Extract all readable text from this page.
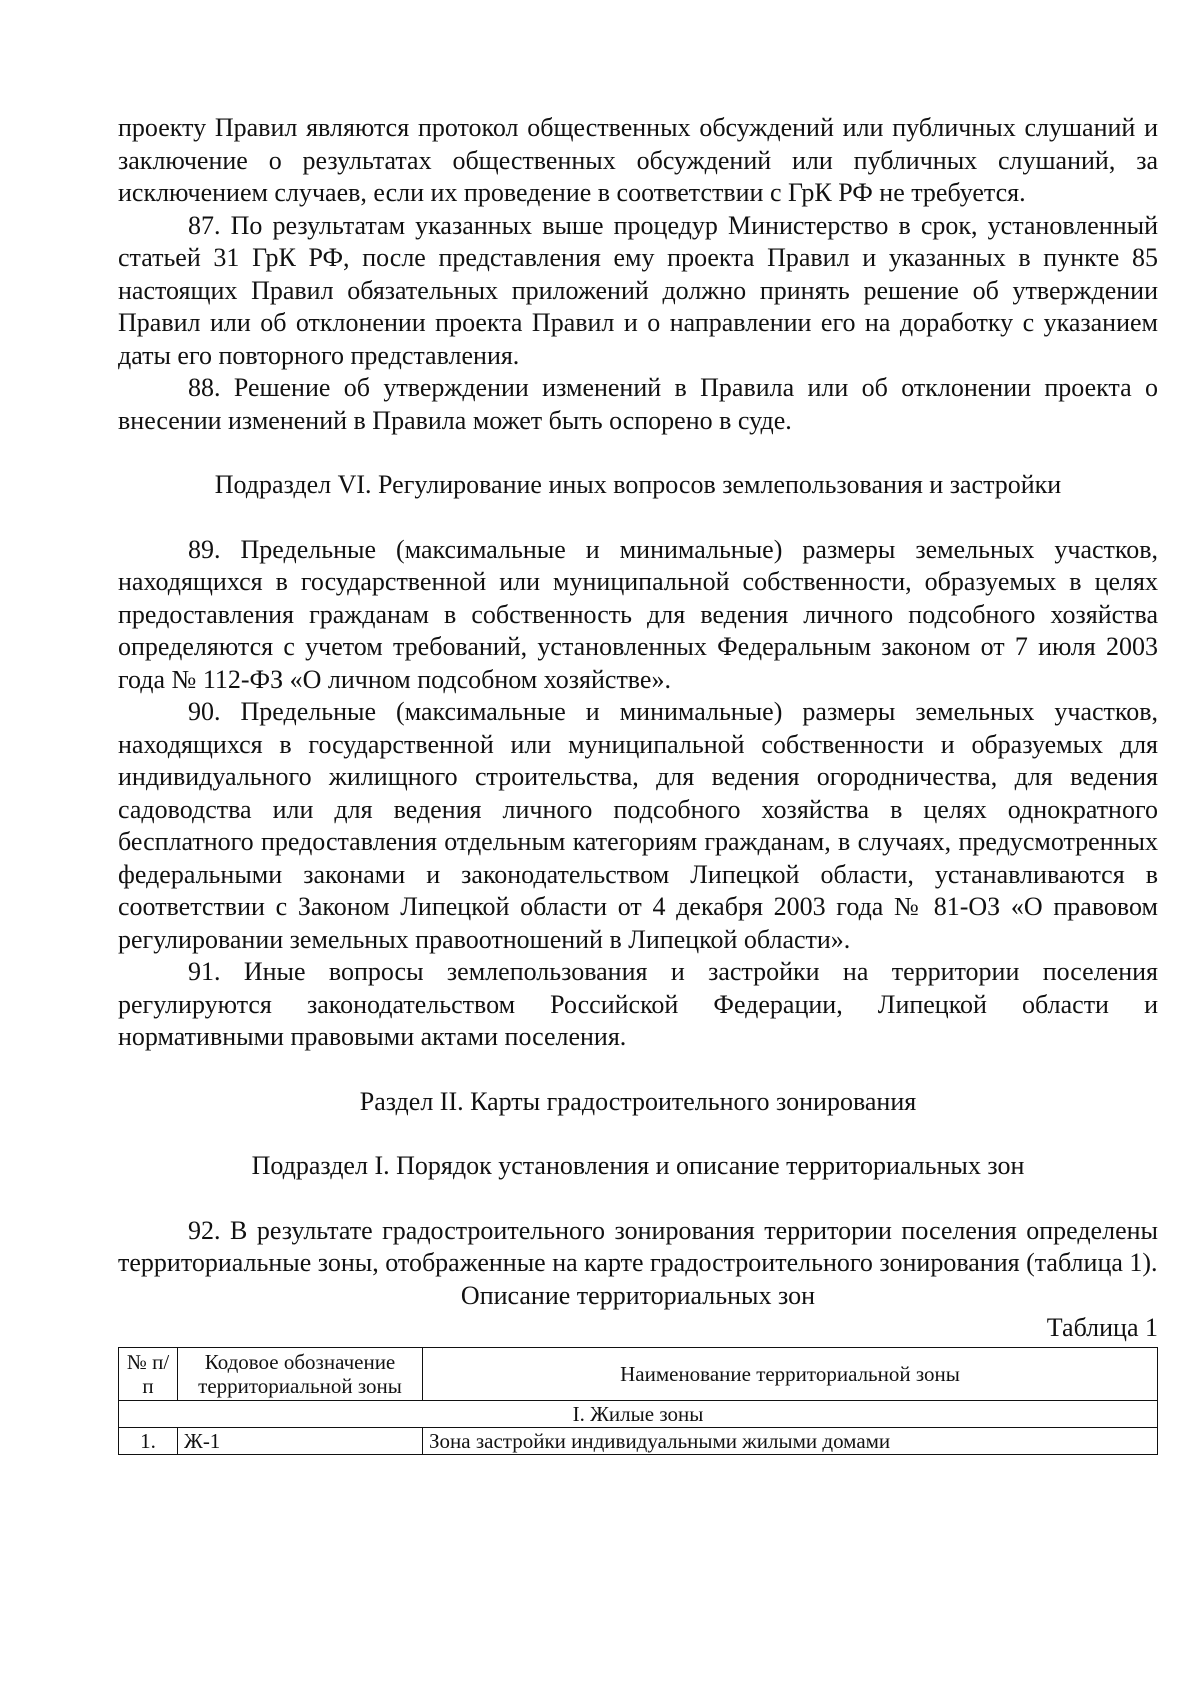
проекту Правил являются протокол общественных обсуждений или публичных слушаний и заключение о результатах общественных обсуждений или публичных слушаний, за исключением случаев, если их проведение в соответствии с ГрК РФ не требуется.

87. По результатам указанных выше процедур Министерство в срок, установленный статьей 31 ГрК РФ, после представления ему проекта Правил и указанных в пункте 85 настоящих Правил обязательных приложений должно принять решение об утверждении Правил или об отклонении проекта Правил и о направлении его на доработку с указанием даты его повторного представления.

88. Решение об утверждении изменений в Правила или об отклонении проекта о внесении изменений в Правила может быть оспорено в суде.

Подраздел VI. Регулирование иных вопросов землепользования и застройки

89. Предельные (максимальные и минимальные) размеры земельных участков, находящихся в государственной или муниципальной собственности, образуемых в целях предоставления гражданам в собственность для ведения личного подсобного хозяйства определяются с учетом требований, установленных Федеральным законом от 7 июля 2003 года № 112-ФЗ «О личном подсобном хозяйстве».

90. Предельные (максимальные и минимальные) размеры земельных участков, находящихся в государственной или муниципальной собственности и образуемых для индивидуального жилищного строительства, для ведения огородничества, для ведения садоводства или для ведения личного подсобного хозяйства в целях однократного бесплатного предоставления отдельным категориям гражданам, в случаях, предусмотренных федеральными законами и законодательством Липецкой области, устанавливаются в соответствии с Законом Липецкой области от 4 декабря 2003 года № 81-ОЗ «О правовом регулировании земельных правоотношений в Липецкой области».

91. Иные вопросы землепользования и застройки на территории поселения регулируются законодательством Российской Федерации, Липецкой области и нормативными правовыми актами поселения.

Раздел II. Карты градостроительного зонирования

Подраздел I. Порядок установления и описание территориальных зон

92. В результате градостроительного зонирования территории поселения определены территориальные зоны, отображенные на карте градостроительного зонирования (таблица 1).

Описание территориальных зон

Таблица 1

№ п/п	Кодовое обозначение территориальной зоны	Наименование территориальной зоны
I. Жилые зоны		
1.	Ж-1	Зона застройки индивидуальными жилыми домами
